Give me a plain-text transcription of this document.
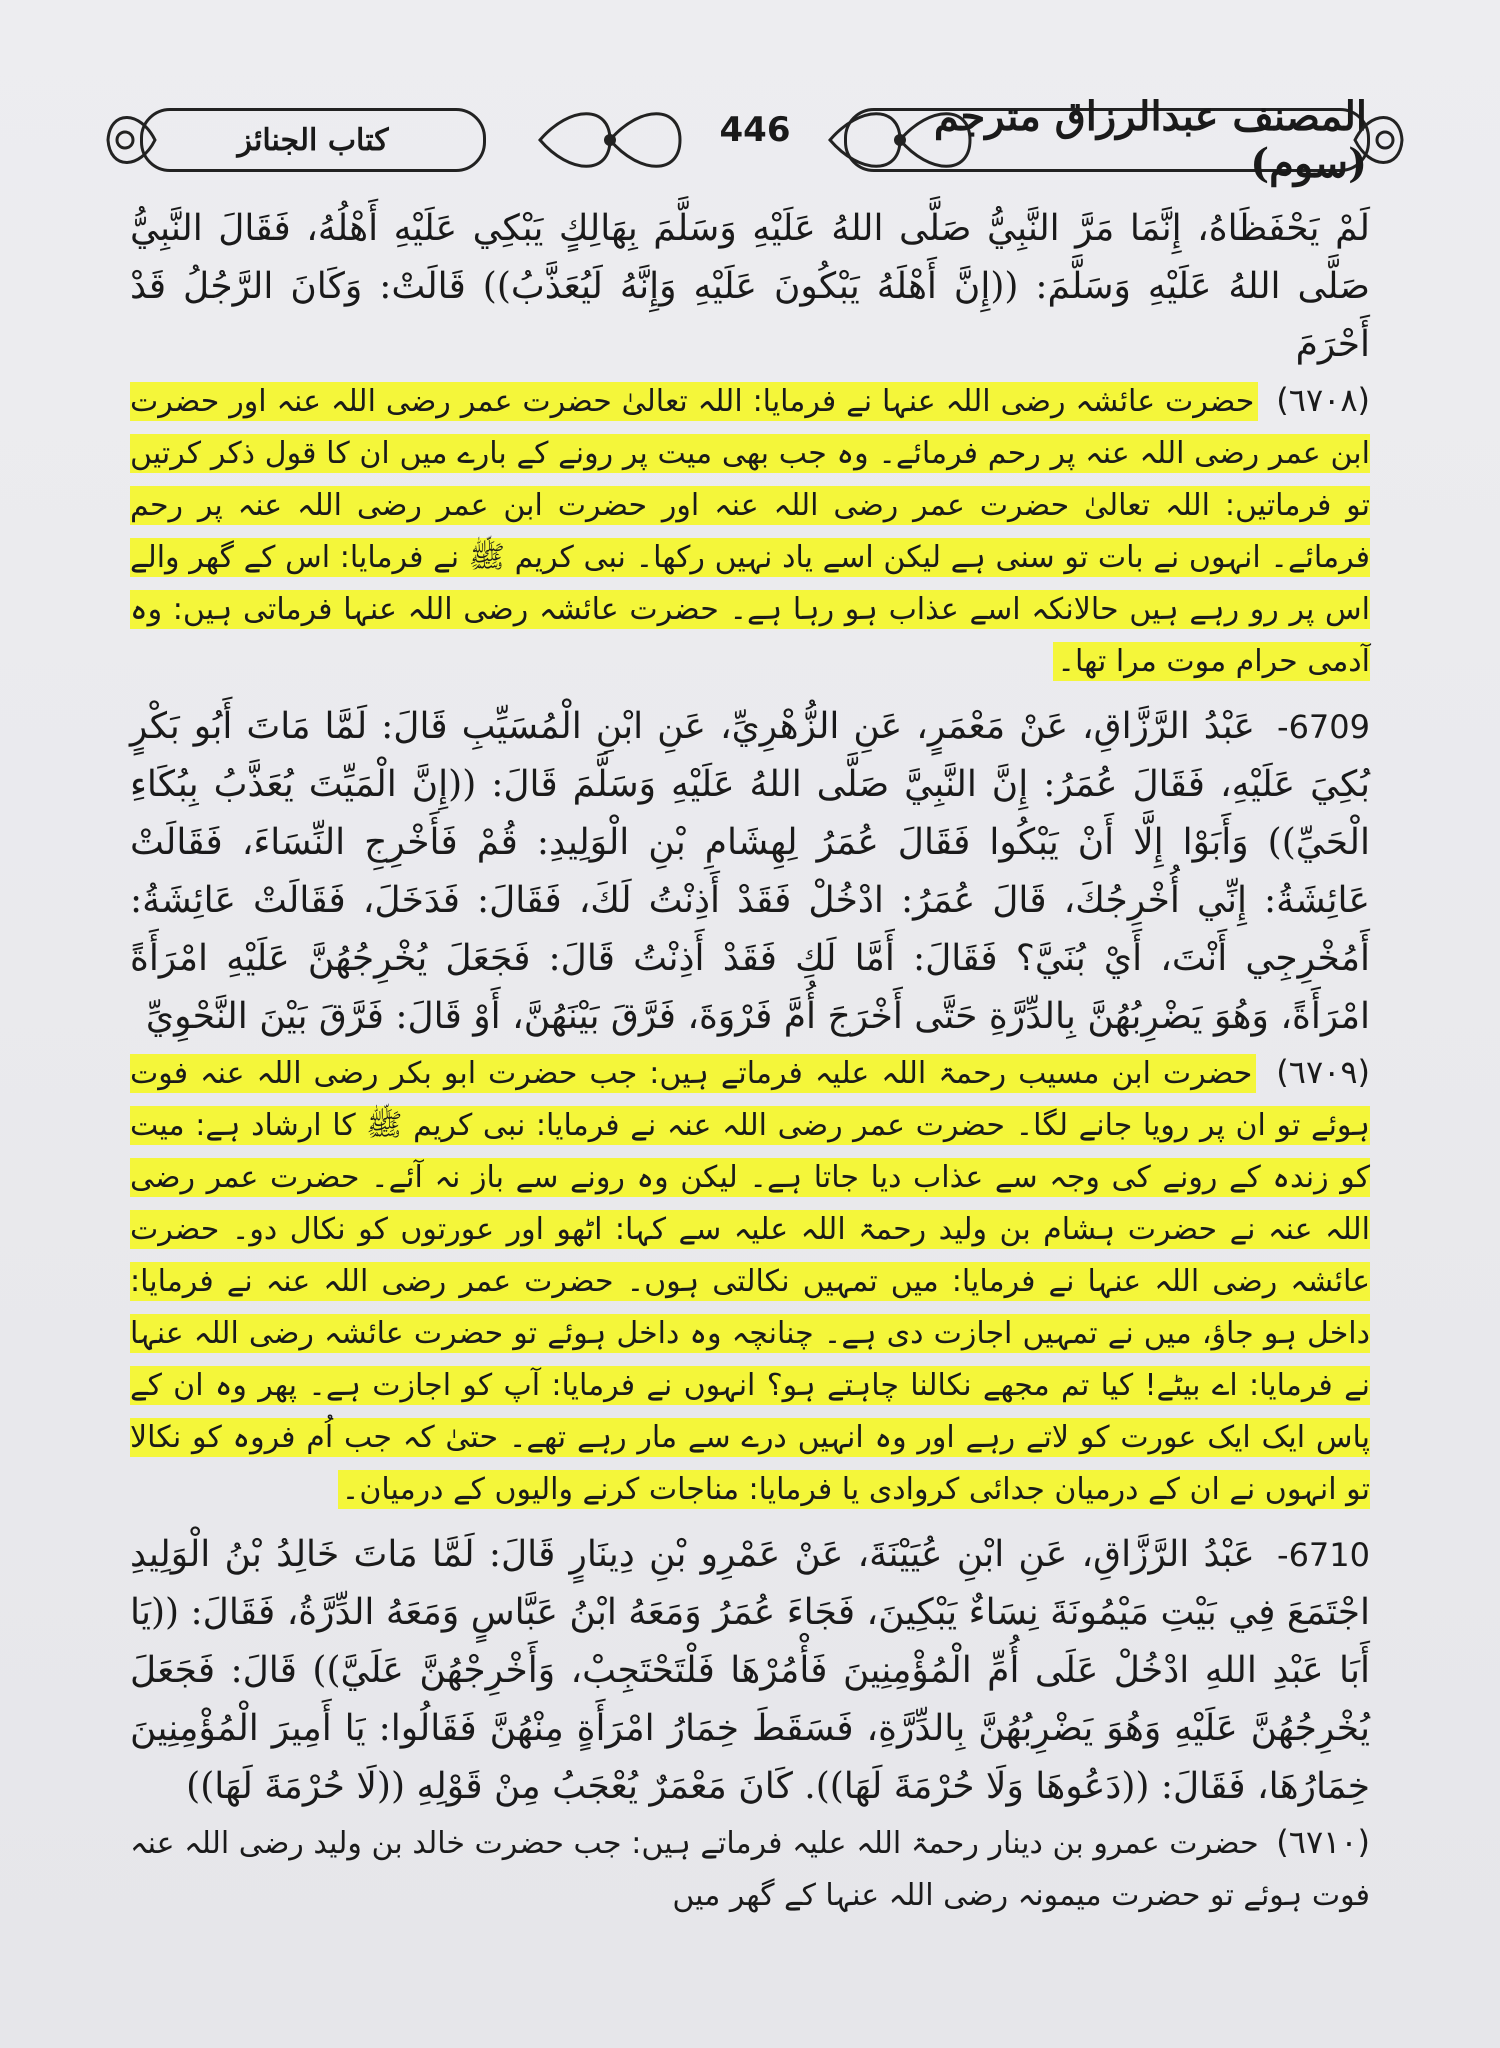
كتاب الجنائز	446	المصنف عبدالرزاق مترجم (سوم)

لَمْ يَحْفَظَاهُ، إِنَّمَا مَرَّ النَّبِيُّ صَلَّى اللهُ عَلَيْهِ وَسَلَّمَ بِهَالِكٍ يَبْكِي عَلَيْهِ أَهْلُهُ، فَقَالَ النَّبِيُّ صَلَّى اللهُ عَلَيْهِ وَسَلَّمَ: ((إِنَّ أَهْلَهُ يَبْكُونَ عَلَيْهِ وَإِنَّهُ لَيُعَذَّبُ)) قَالَتْ: وَكَانَ الرَّجُلُ قَدْ أَحْرَمَ

(٦٧٠٨) حضرت عائشہ رضی اللہ عنہا نے فرمایا: اللہ تعالیٰ حضرت عمر رضی اللہ عنہ اور حضرت ابن عمر رضی اللہ عنہ پر رحم فرمائے۔ وہ جب بھی میت پر رونے کے بارے میں ان کا قول ذکر کرتیں تو فرماتیں: اللہ تعالیٰ حضرت عمر رضی اللہ عنہ اور حضرت ابن عمر رضی اللہ عنہ پر رحم فرمائے۔ انہوں نے بات تو سنی ہے لیکن اسے یاد نہیں رکھا۔ نبی کریم ﷺ نے فرمایا: اس کے گھر والے اس پر رو رہے ہیں حالانکہ اسے عذاب ہو رہا ہے۔ حضرت عائشہ رضی اللہ عنہا فرماتی ہیں: وہ آدمی حرام موت مرا تھا۔

6709- عَبْدُ الرَّزَّاقِ، عَنْ مَعْمَرٍ، عَنِ الزُّهْرِيِّ، عَنِ ابْنِ الْمُسَيِّبِ قَالَ: لَمَّا مَاتَ أَبُو بَكْرٍ بُكِيَ عَلَيْهِ، فَقَالَ عُمَرُ: إِنَّ النَّبِيَّ صَلَّى اللهُ عَلَيْهِ وَسَلَّمَ قَالَ: ((إِنَّ الْمَيِّتَ يُعَذَّبُ بِبُكَاءِ الْحَيِّ)) وَأَبَوْا إِلَّا أَنْ يَبْكُوا فَقَالَ عُمَرُ لِهِشَامِ بْنِ الْوَلِيدِ: قُمْ فَأَخْرِجِ النِّسَاءَ، فَقَالَتْ عَائِشَةُ: إِنِّي أُخْرِجُكَ، قَالَ عُمَرُ: ادْخُلْ فَقَدْ أَذِنْتُ لَكَ، فَقَالَ: فَدَخَلَ، فَقَالَتْ عَائِشَةُ: أَمُخْرِجِي أَنْتَ، أَيْ بُنَيَّ؟ فَقَالَ: أَمَّا لَكِ فَقَدْ أَذِنْتُ قَالَ: فَجَعَلَ يُخْرِجُهُنَّ عَلَيْهِ امْرَأَةً امْرَأَةً، وَهُوَ يَضْرِبُهُنَّ بِالدِّرَّةِ حَتَّى أَخْرَجَ أُمَّ فَرْوَةَ، فَرَّقَ بَيْنَهُنَّ، أَوْ قَالَ: فَرَّقَ بَيْنَ النَّحْوِيِّ

(٦٧٠٩) حضرت ابن مسیب رحمۃ اللہ علیہ فرماتے ہیں: جب حضرت ابو بکر رضی اللہ عنہ فوت ہوئے تو ان پر رویا جانے لگا۔ حضرت عمر رضی اللہ عنہ نے فرمایا: نبی کریم ﷺ کا ارشاد ہے: میت کو زندہ کے رونے کی وجہ سے عذاب دیا جاتا ہے۔ لیکن وہ رونے سے باز نہ آئے۔ حضرت عمر رضی اللہ عنہ نے حضرت ہشام بن ولید رحمۃ اللہ علیہ سے کہا: اٹھو اور عورتوں کو نکال دو۔ حضرت عائشہ رضی اللہ عنہا نے فرمایا: میں تمہیں نکالتی ہوں۔ حضرت عمر رضی اللہ عنہ نے فرمایا: داخل ہو جاؤ، میں نے تمہیں اجازت دی ہے۔ چنانچہ وہ داخل ہوئے تو حضرت عائشہ رضی اللہ عنہا نے فرمایا: اے بیٹے! کیا تم مجھے نکالنا چاہتے ہو؟ انہوں نے فرمایا: آپ کو اجازت ہے۔ پھر وہ ان کے پاس ایک ایک عورت کو لاتے رہے اور وہ انہیں درے سے مار رہے تھے۔ حتیٰ کہ جب اُم فروہ کو نکالا تو انہوں نے ان کے درمیان جدائی کروادی یا فرمایا: مناجات کرنے والیوں کے درمیان۔

6710- عَبْدُ الرَّزَّاقِ، عَنِ ابْنِ عُيَيْنَةَ، عَنْ عَمْرِو بْنِ دِينَارٍ قَالَ: لَمَّا مَاتَ خَالِدُ بْنُ الْوَلِيدِ اجْتَمَعَ فِي بَيْتِ مَيْمُونَةَ نِسَاءٌ يَبْكِينَ، فَجَاءَ عُمَرُ وَمَعَهُ ابْنُ عَبَّاسٍ وَمَعَهُ الدِّرَّةُ، فَقَالَ: ((يَا أَبَا عَبْدِ اللهِ ادْخُلْ عَلَى أُمِّ الْمُؤْمِنِينَ فَأْمُرْهَا فَلْتَحْتَجِبْ، وَأَخْرِجْهُنَّ عَلَيَّ)) قَالَ: فَجَعَلَ يُخْرِجُهُنَّ عَلَيْهِ وَهُوَ يَضْرِبُهُنَّ بِالدِّرَّةِ، فَسَقَطَ خِمَارُ امْرَأَةٍ مِنْهُنَّ فَقَالُوا: يَا أَمِيرَ الْمُؤْمِنِينَ خِمَارُهَا، فَقَالَ: ((دَعُوهَا وَلَا حُرْمَةَ لَهَا)). كَانَ مَعْمَرٌ يُعْجَبُ مِنْ قَوْلِهِ ((لَا حُرْمَةَ لَهَا))

(٦٧١٠) حضرت عمرو بن دینار رحمۃ اللہ علیہ فرماتے ہیں: جب حضرت خالد بن ولید رضی اللہ عنہ فوت ہوئے تو حضرت میمونہ رضی اللہ عنہا کے گھر میں
